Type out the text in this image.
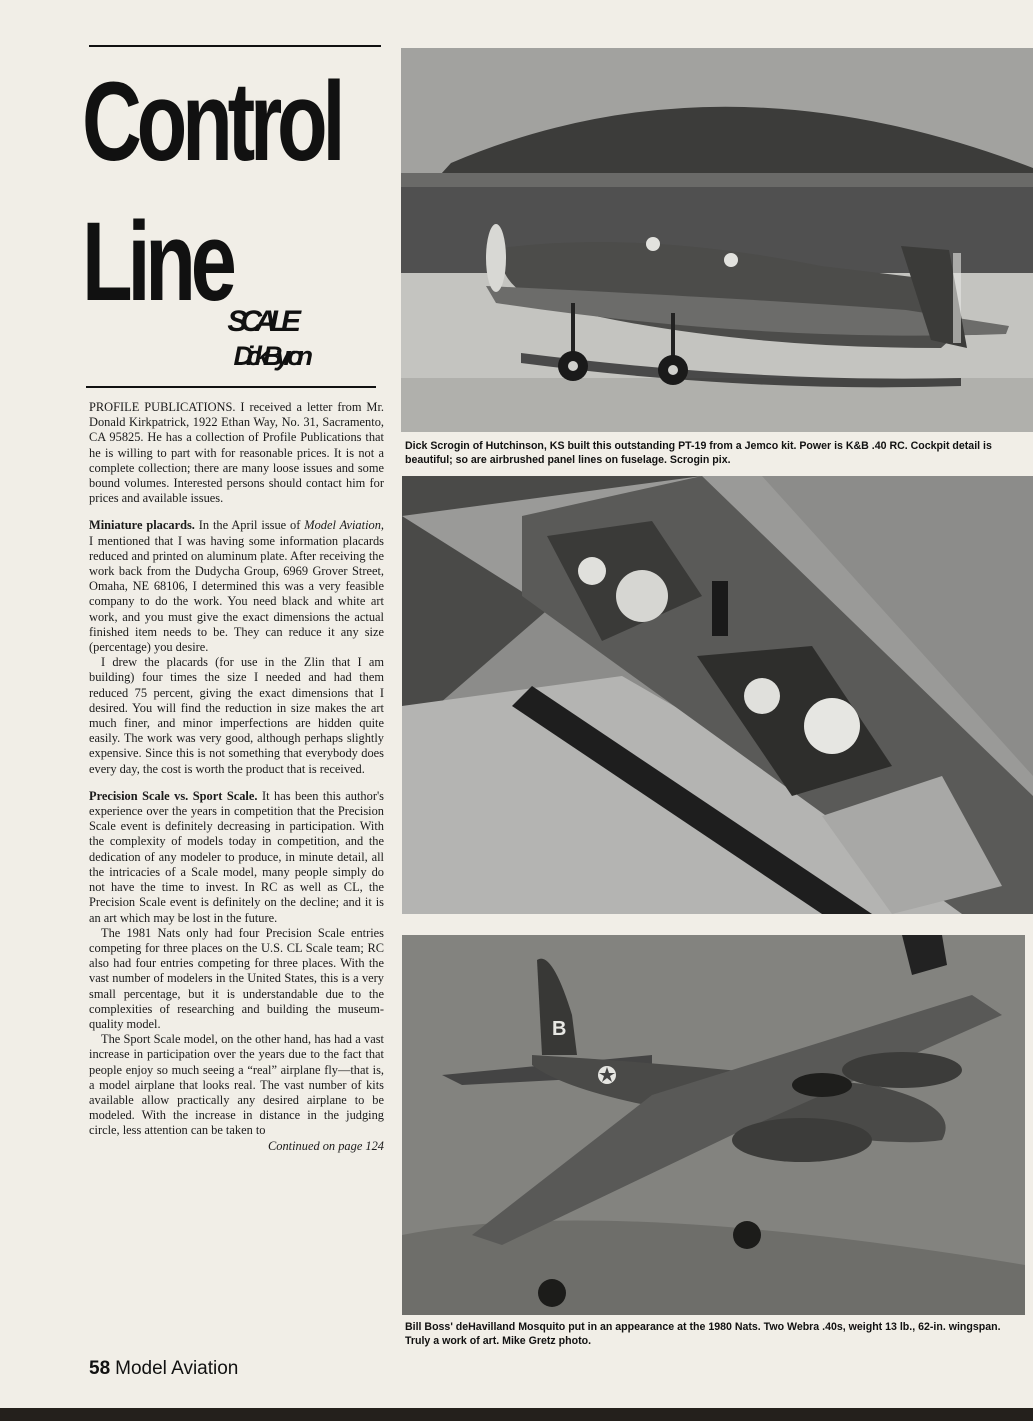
Control
Line
SCALE
Dick Byron

PROFILE PUBLICATIONS. I received a letter from Mr. Donald Kirkpatrick, 1922 Ethan Way, No. 31, Sacramento, CA 95825. He has a collection of Profile Publications that he is willing to part with for reasonable prices. It is not a complete collection; there are many loose issues and some bound volumes. Interested persons should contact him for prices and available issues.

Miniature placards. In the April issue of Model Aviation, I mentioned that I was having some information placards reduced and printed on aluminum plate. After receiving the work back from the Dudycha Group, 6969 Grover Street, Omaha, NE 68106, I determined this was a very feasible company to do the work. You need black and white art work, and you must give the exact dimensions the actual finished item needs to be. They can reduce it any size (percentage) you desire.

I drew the placards (for use in the Zlin that I am building) four times the size I needed and had them reduced 75 percent, giving the exact dimensions that I desired. You will find the reduction in size makes the art much finer, and minor imperfections are hidden quite easily. The work was very good, although perhaps slightly expensive. Since this is not something that everybody does every day, the cost is worth the product that is received.

Precision Scale vs. Sport Scale. It has been this author's experience over the years in competition that the Precision Scale event is definitely decreasing in participation. With the complexity of models today in competition, and the dedication of any modeler to produce, in minute detail, all the intricacies of a Scale model, many people simply do not have the time to invest. In RC as well as CL, the Precision Scale event is definitely on the decline; and it is an art which may be lost in the future.

The 1981 Nats only had four Precision Scale entries competing for three places on the U.S. CL Scale team; RC also had four entries competing for three places. With the vast number of modelers in the United States, this is a very small percentage, but it is understandable due to the complexities of researching and building the museum-quality model.

The Sport Scale model, on the other hand, has had a vast increase in participation over the years due to the fact that people enjoy so much seeing a “real” airplane fly—that is, a model airplane that looks real. The vast number of kits available allow practically any desired airplane to be modeled. With the increase in distance in the judging circle, less attention can be taken to

Continued on page 124

58 Model Aviation
Dick Scrogin of Hutchinson, KS built this outstanding PT-19 from a Jemco kit. Power is K&B .40 RC. Cockpit detail is beautiful; so are airbrushed panel lines on fuselage. Scrogin pix.
B
Bill Boss' deHavilland Mosquito put in an appearance at the 1980 Nats. Two Webra .40s, weight 13 lb., 62-in. wingspan. Truly a work of art. Mike Gretz photo.
